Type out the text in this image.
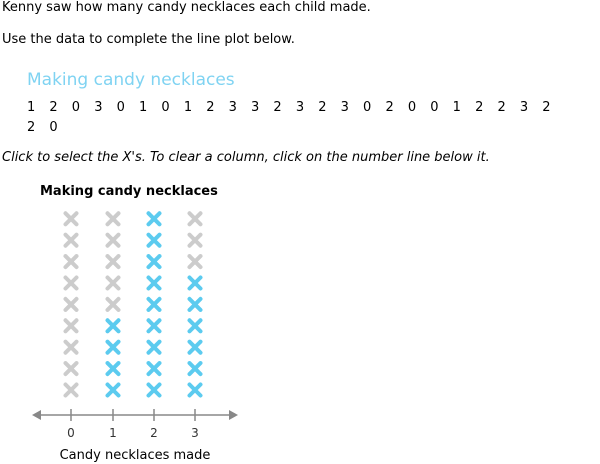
Kenny saw how many candy necklaces each child made.
Use the data to complete the line plot below.
Making candy necklaces
1 2 0 3 0 1 0 1 2 3 3 2 3 2 3 0 2 0 0 1 2 2 3 2
2 0
Click to select the X's. To clear a column, click on the number line below it.
Making candy necklaces
0	1	2	3
Candy necklaces made
